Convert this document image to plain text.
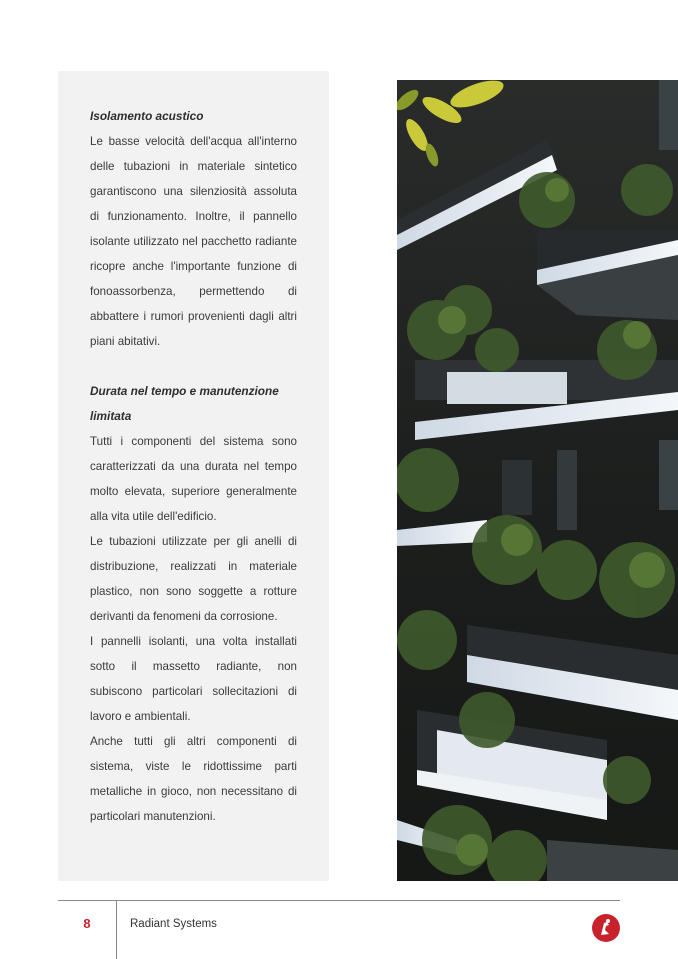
Isolamento acustico

Le basse velocità dell'acqua all'interno delle tubazioni in materiale sintetico garantiscono una silenziosità assoluta di funzionamento. Inoltre, il pannello isolante utilizzato nel pacchetto radiante ricopre anche l'importante funzione di fonoassorbenza, permettendo di abbattere i rumori provenienti dagli altri piani abitativi.

Durata nel tempo e manutenzione limitata

Tutti i componenti del sistema sono caratterizzati da una durata nel tempo molto elevata, superiore generalmente alla vita utile dell'edificio.

Le tubazioni utilizzate per gli anelli di distribuzione, realizzati in materiale plastico, non sono soggette a rotture derivanti da fenomeni da corrosione.

I pannelli isolanti, una volta installati sotto il massetto radiante, non subiscono particolari sollecitazioni di lavoro e ambientali.

Anche tutti gli altri componenti di sistema, viste le ridottissime parti metalliche in gioco, non necessitano di particolari manutenzioni.

8	Radiant Systems
